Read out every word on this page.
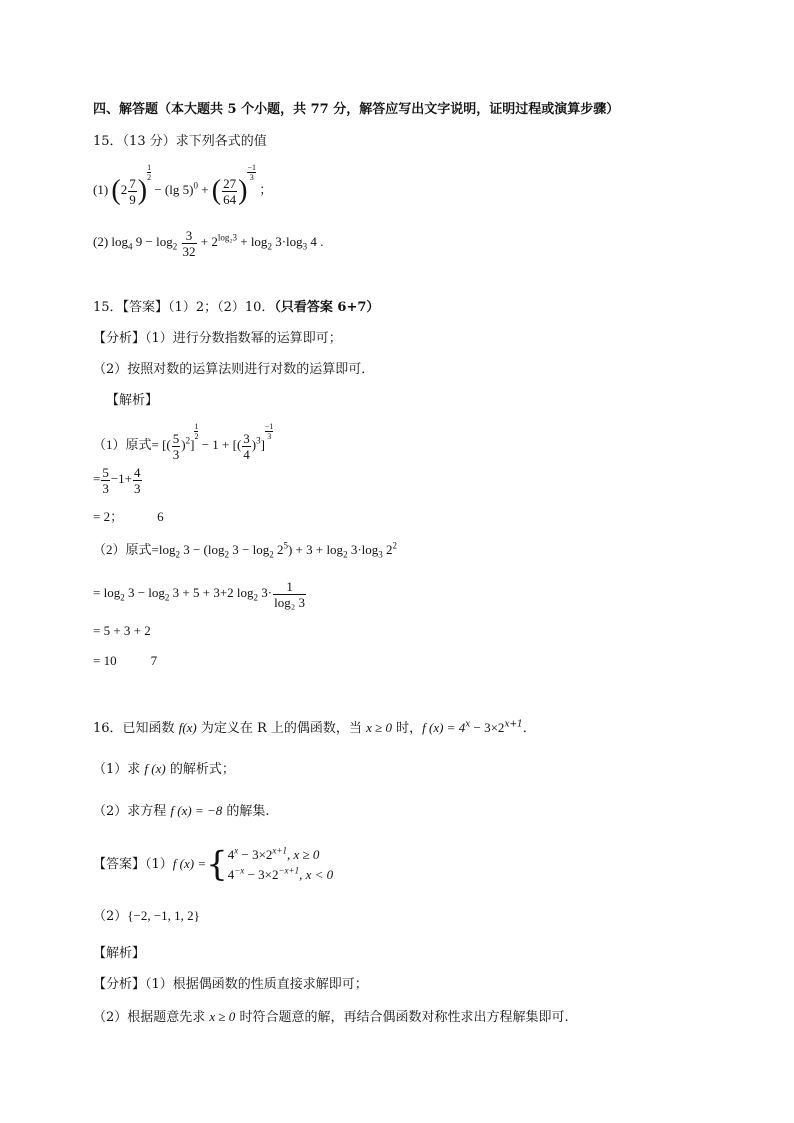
四、解答题（本大题共 5 个小题，共 77 分，解答应写出文字说明，证明过程或演算步骤）
15．（13 分）求下列各式的值
(1) ($2 \frac{7}{9}$ )
$\frac{1}{2}$
− (lg 5)$^0$ + ( $\frac{27}{64}$ )
$\frac{-1}{3}$
；
(2) $\log_4 9 - \log_2 \frac{3}{32} + 2^{log_23} + \log_2 3\cdot\log_3$ 4 .
15．【答案】（1）2；（2）10．（只看答案 6+7）
【分析】（1）进行分数指数幂的运算即可；
（2）按照对数的运算法则进行对数的运算即可．
【解析】
（1）原式= [( $\frac{5}{3} )^2$]
$\frac{1}{2}$
− 1 + [( $\frac{3}{4} )^3$]
$\frac{-1}{3}$
= $\frac{5}{3} -1+ \frac{4}{3}$
= 2；	6
（2）原式$=\log_2$ $3 - (\log_2$ $3 - \log_2 2^5) + 3 + \log_2 3\cdot\log_3$ $2^2$
= $\log_2 3 - \log_2 3 + 5 + 3+2$ $\log_2 3\cdot \frac{1}{\text{log₂ 3}}$
= 5 + 3 + 2
= 10	7
16．已知函数 f(x) 为定义在 R 上的偶函数，当 x ≥ 0 时，f $(x) = 4^x - 3\times 2^{x+1}$．
（1）求 f (x) 的解析式；
（2）求方程 f (x) = −8 的解集.
【答案】（1）f (x) ={ $4^x - 3\times 2^{x+1}$, x ≥ 0
$4^{-x} - 3\times 2^{-x+1}$, x < 0
（2）{−2, −1, 1, 2}
【解析】
【分析】（1）根据偶函数的性质直接求解即可；
（2）根据题意先求 x ≥ 0 时符合题意的解，再结合偶函数对称性求出方程解集即可.
